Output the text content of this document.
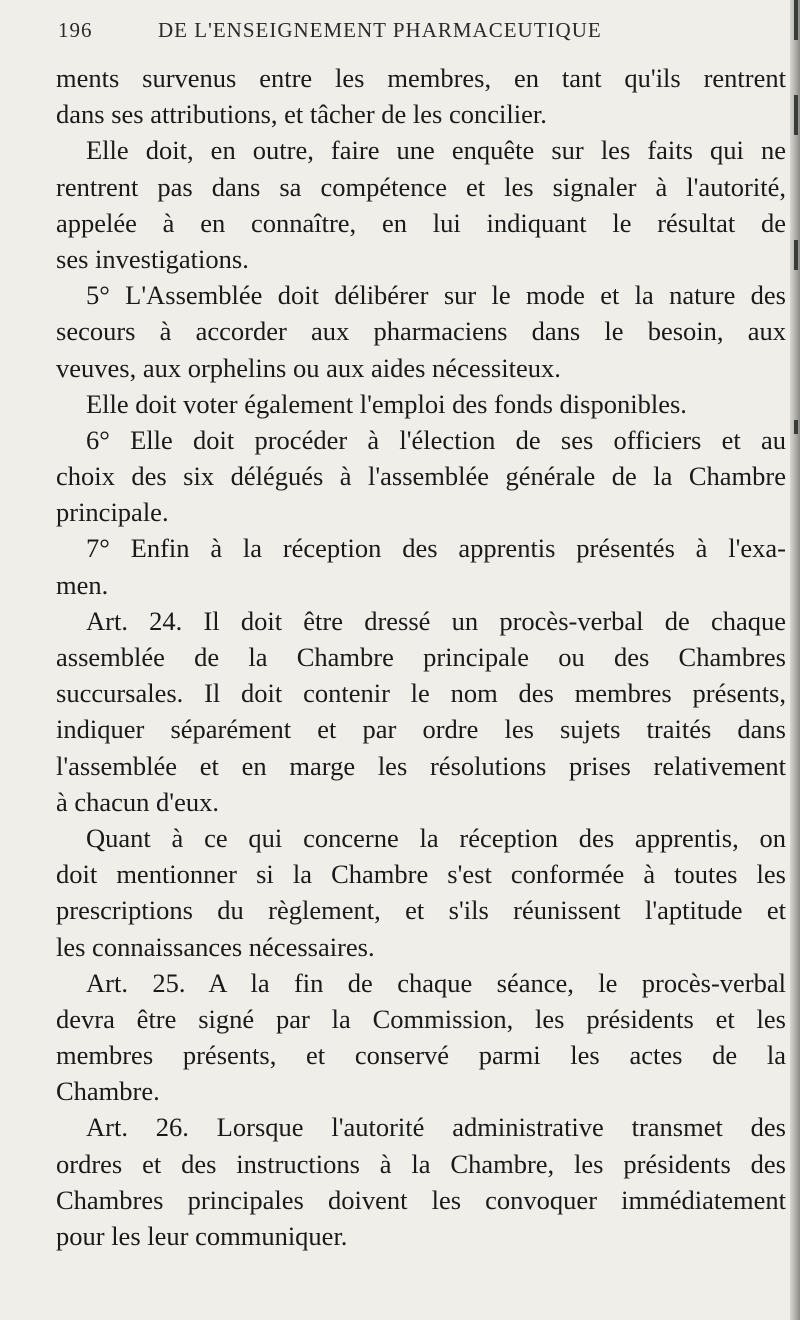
196	DE L'ENSEIGNEMENT PHARMACEUTIQUE
ments survenus entre les membres, en tant qu'ils rentrent
dans ses attributions, et tâcher de les concilier.
Elle doit, en outre, faire une enquête sur les faits qui ne
rentrent pas dans sa compétence et les signaler à l'autorité,
appelée à en connaître, en lui indiquant le résultat de
ses investigations.
5° L'Assemblée doit délibérer sur le mode et la nature des
secours à accorder aux pharmaciens dans le besoin, aux
veuves, aux orphelins ou aux aides nécessiteux.
Elle doit voter également l'emploi des fonds disponibles.
6° Elle doit procéder à l'élection de ses officiers et au
choix des six délégués à l'assemblée générale de la Chambre
principale.
7° Enfin à la réception des apprentis présentés à l'exa-
men.
Art. 24. Il doit être dressé un procès-verbal de chaque
assemblée de la Chambre principale ou des Chambres
succursales. Il doit contenir le nom des membres présents,
indiquer séparément et par ordre les sujets traités dans
l'assemblée et en marge les résolutions prises relativement
à chacun d'eux.
Quant à ce qui concerne la réception des apprentis, on
doit mentionner si la Chambre s'est conformée à toutes les
prescriptions du règlement, et s'ils réunissent l'aptitude et
les connaissances nécessaires.
Art. 25. A la fin de chaque séance, le procès-verbal
devra être signé par la Commission, les présidents et les
membres présents, et conservé parmi les actes de la
Chambre.
Art. 26. Lorsque l'autorité administrative transmet des
ordres et des instructions à la Chambre, les présidents des
Chambres principales doivent les convoquer immédiatement
pour les leur communiquer.
